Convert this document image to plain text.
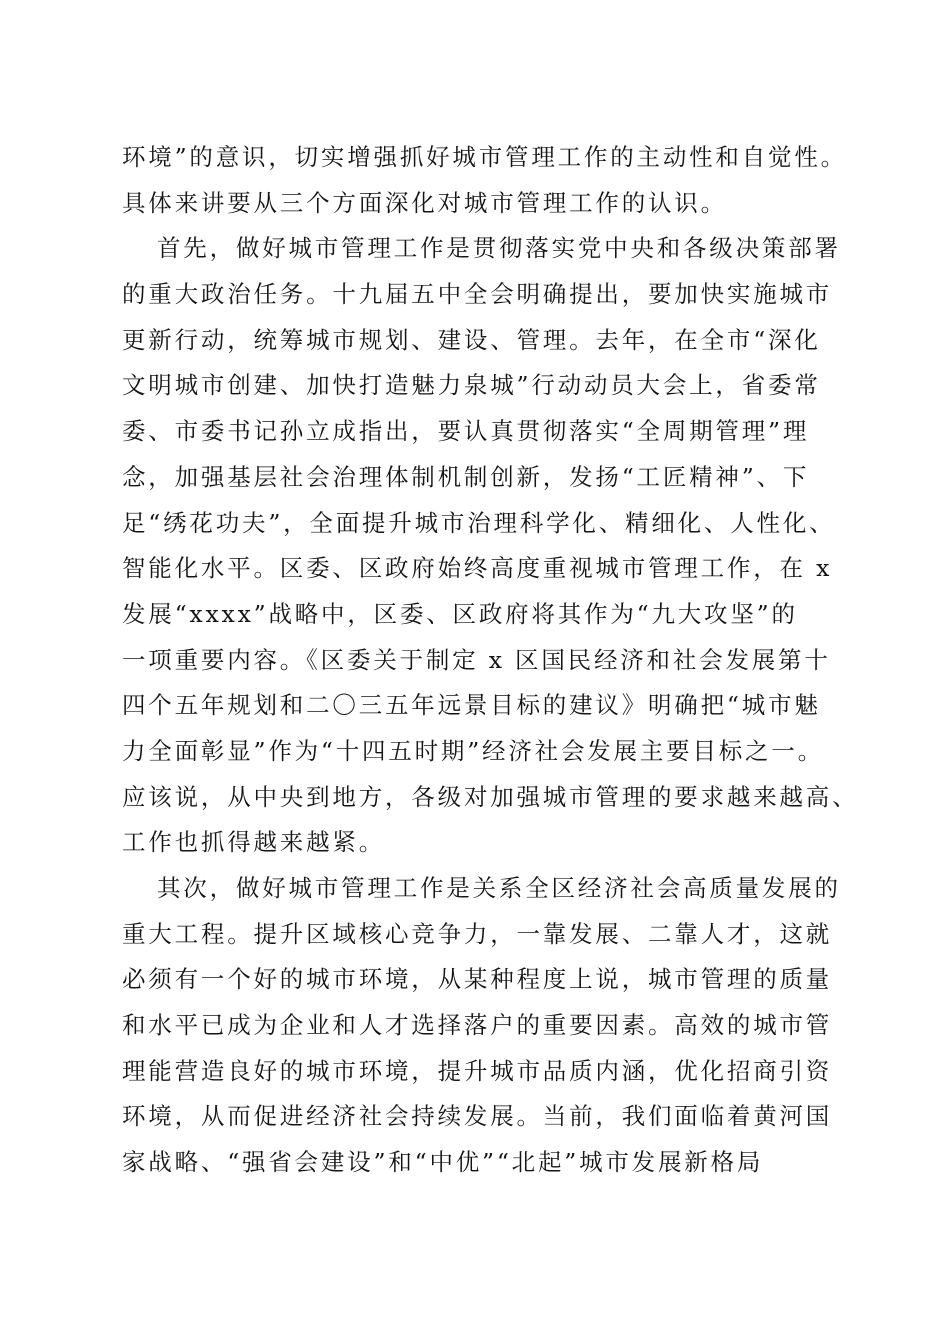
环境”的意识，切实增强抓好城市管理工作的主动性和自觉性。
具体来讲要从三个方面深化对城市管理工作的认识。
首先，做好城市管理工作是贯彻落实党中央和各级决策部署
的重大政治任务。十九届五中全会明确提出，要加快实施城市
更新行动，统筹城市规划、建设、管理。去年，在全市“深化
文明城市创建、加快打造魅力泉城”行动动员大会上，省委常
委、市委书记孙立成指出，要认真贯彻落实“全周期管理”理
念，加强基层社会治理体制机制创新，发扬“工匠精神”、下
足“绣花功夫”，全面提升城市治理科学化、精细化、人性化、
智能化水平。区委、区政府始终高度重视城市管理工作，在 x
发展“xxxx”战略中，区委、区政府将其作为“九大攻坚”的
一项重要内容。《区委关于制定 x 区国民经济和社会发展第十
四个五年规划和二〇三五年远景目标的建议》明确把“城市魅
力全面彰显”作为“十四五时期”经济社会发展主要目标之一。
应该说，从中央到地方，各级对加强城市管理的要求越来越高、
工作也抓得越来越紧。
其次，做好城市管理工作是关系全区经济社会高质量发展的
重大工程。提升区域核心竞争力，一靠发展、二靠人才，这就
必须有一个好的城市环境，从某种程度上说，城市管理的质量
和水平已成为企业和人才选择落户的重要因素。高效的城市管
理能营造良好的城市环境，提升城市品质内涵，优化招商引资
环境，从而促进经济社会持续发展。当前，我们面临着黄河国
家战略、“强省会建设”和“中优”“北起”城市发展新格局
